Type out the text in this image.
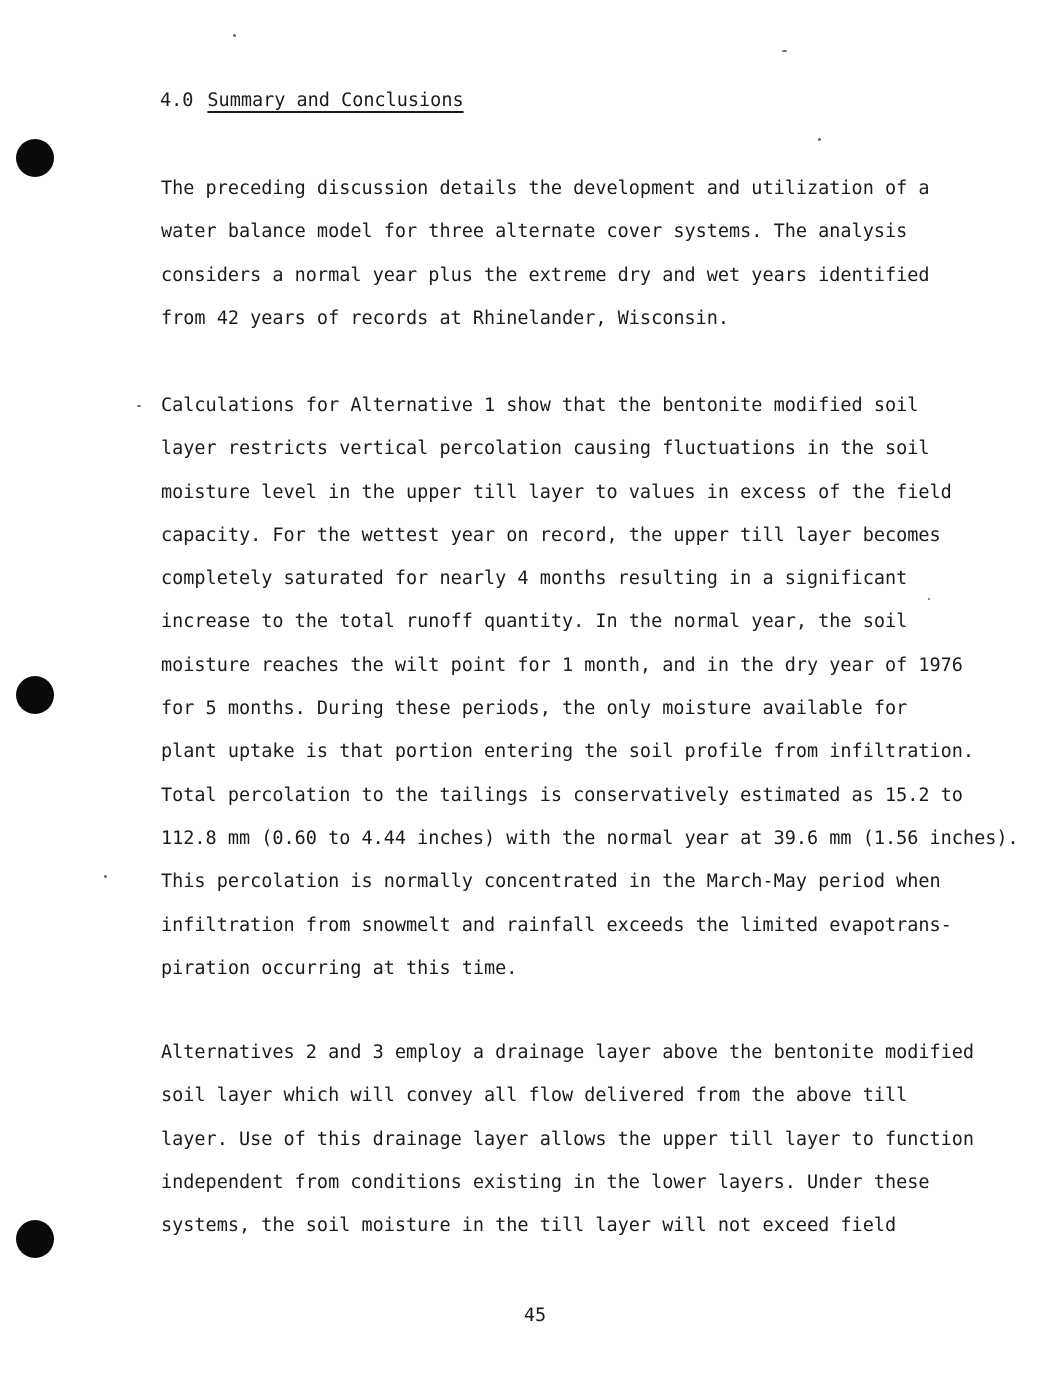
4.0 Summary and Conclusions
The preceding discussion details the development and utilization of a
water balance model for three alternate cover systems. The analysis
considers a normal year plus the extreme dry and wet years identified
from 42 years of records at Rhinelander, Wisconsin.
Calculations for Alternative 1 show that the bentonite modified soil
layer restricts vertical percolation causing fluctuations in the soil
moisture level in the upper till layer to values in excess of the field
capacity. For the wettest year on record, the upper till layer becomes
completely saturated for nearly 4 months resulting in a significant
increase to the total runoff quantity. In the normal year, the soil
moisture reaches the wilt point for 1 month, and in the dry year of 1976
for 5 months. During these periods, the only moisture available for
plant uptake is that portion entering the soil profile from infiltration.
Total percolation to the tailings is conservatively estimated as 15.2 to
112.8 mm (0.60 to 4.44 inches) with the normal year at 39.6 mm (1.56 inches).
This percolation is normally concentrated in the March-May period when
infiltration from snowmelt and rainfall exceeds the limited evapotrans-
piration occurring at this time.
Alternatives 2 and 3 employ a drainage layer above the bentonite modified
soil layer which will convey all flow delivered from the above till
layer. Use of this drainage layer allows the upper till layer to function
independent from conditions existing in the lower layers. Under these
systems, the soil moisture in the till layer will not exceed field
45
